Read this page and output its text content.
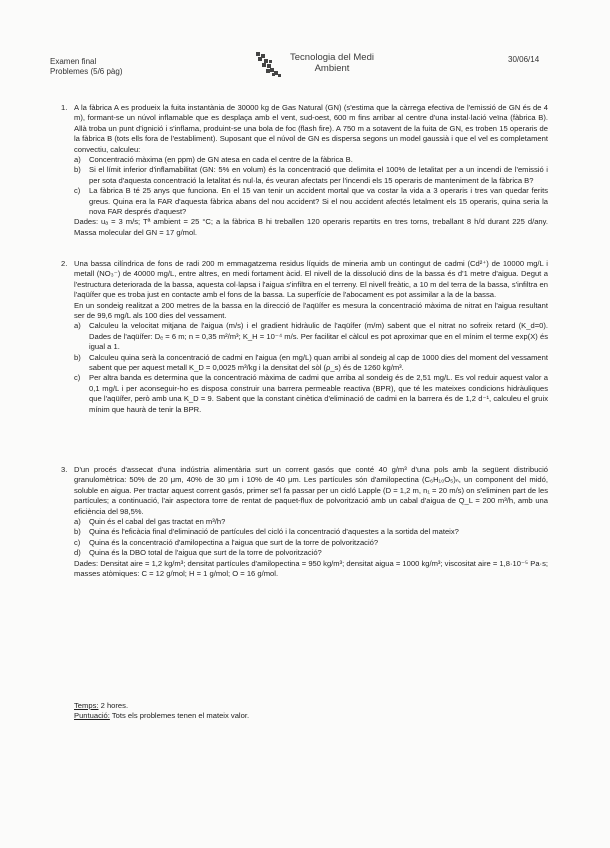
Examen final
Problemes (5/6 pàg)
Tecnologia del Medi
Ambient
30/06/14
1. A la fàbrica A es produeix la fuita instantània de 30000 kg de Gas Natural (GN) (s'estima que la càrrega efectiva de l'emissió de GN és de 4 m), formant-se un núvol inflamable que es desplaça amb el vent, sud-oest, 600 m fins arribar al centre d'una instal·lació veïna (fàbrica B). Allà troba un punt d'ignició i s'inflama, produint-se una bola de foc (flash fire). A 750 m a sotavent de la fuita de GN, es troben 15 operaris de la fàbrica B (tots ells fora de l'establiment). Suposant que el núvol de GN es dispersa segons un model gaussià i que el vel es completament convectiu, calculeu:

a) Concentració màxima (en ppm) de GN atesa en cada el centre de la fàbrica B.
b) Si el límit inferior d'inflamabilitat (GN: 5% en volum) és la concentració que delimita el 100% de letalitat per a un incendi de l'emissió i per sota d'aquesta concentració la letalitat és nul·la, és veuran afectats per l'incendi els 15 operaris de manteniment de la fàbrica B?
c) La fàbrica B té 25 anys que funciona. En el 15 van tenir un accident mortal que va costar la vida a 3 operaris i tres van quedar ferits greus. Quina era la FAR d'aquesta fàbrica abans del nou accident? Si el nou accident afectés letalment els 15 operaris, quina seria la nova FAR després d'aquest?

Dades: uₐ = 3 m/s; Tª ambient = 25 °C; a la fàbrica B hi treballen 120 operaris repartits en tres torns, treballant 8 h/d durant 225 d/any. Massa molecular del GN = 17 g/mol.

2. Una bassa cilíndrica de fons de radi 200 m emmagatzema residus líquids de mineria amb un contingut de cadmi (Cd²⁺) de 10000 mg/L i metall (NO₃⁻) de 40000 mg/L, entre altres, en medi fortament àcid. El nivell de la dissolució dins de la bassa és d'1 metre d'aigua. Degut a l'estructura deteriorada de la bassa, aquesta col·lapsa i l'aigua s'infiltra en el terreny. El nivell freàtic, a 10 m del terra de la bassa, s'infiltra en l'aqüífer que es troba just en contacte amb el fons de la bassa. La superfície de l'abocament es pot assimilar a la de la bassa.

En un sondeig realitzat a 200 metres de la bassa en la direcció de l'aqüífer es mesura la concentració màxima de nitrat en l'aigua resultant ser de 99,6 mg/L als 100 dies del vessament.

a) Calculeu la velocitat mitjana de l'aigua (m/s) i el gradient hidràulic de l'aqüífer (m/m) sabent que el nitrat no sofreix retard (K_d=0). Dades de l'aqüífer: Dₑ = 6 m; n = 0,35 m²/m³; K_H = 10⁻⁴ m/s. Per facilitar el càlcul es pot aproximar que en el mínim el terme exp(X) és igual a 1.
b) Calculeu quina serà la concentració de cadmi en l'aigua (en mg/L) quan arribi al sondeig al cap de 1000 dies del moment del vessament sabent que per aquest metall K_D = 0,0025 m³/kg i la densitat del sòl (ρ_s) és de 1260 kg/m³.
c) Per altra banda es determina que la concentració màxima de cadmi que arriba al sondeig és de 2,51 mg/L. Es vol reduir aquest valor a 0,1 mg/L i per aconseguir-ho es disposa construir una barrera permeable reactiva (BPR), que té les mateixes condicions hidràuliques que l'aqüífer, però amb una K_D = 9. Sabent que la constant cinètica d'eliminació de cadmi en la barrera és de 1,2 d⁻¹, calculeu el gruix mínim que haurà de tenir la BPR.
3. D'un procés d'assecat d'una indústria alimentària surt un corrent gasós que conté 40 g/m³ d'una pols amb la següent distribució granulomètrica: 50% de 20 μm, 40% de 30 μm i 10% de 40 μm. Les partícules són d'amilopectina (C₆H₁₀O₅)ₙ, un component del midó, soluble en aigua. Per tractar aquest corrent gasós, primer se'l fa passar per un cicló Lapple (D = 1,2 m, n₁ = 20 m/s) on s'eliminen part de les partícules; a continuació, l'air aspectora torre de rentat de paquet-flux de polvorització amb un cabal d'aigua de Q_L = 200 m³/h, amb una eficiència del 98,5%.

a) Quin és el cabal del gas tractat en m³/h?
b) Quina és l'eficàcia final d'eliminació de partícules del cicló i la concentració d'aquestes a la sortida del mateix?
c) Quina és la concentració d'amilopectina a l'aigua que surt de la torre de polvorització?
d) Quina és la DBO total de l'aigua que surt de la torre de polvorització?

Dades: Densitat aire = 1,2 kg/m³; densitat partícules d'amilopectina = 950 kg/m³; densitat aigua = 1000 kg/m³; viscositat aire = 1,8·10⁻⁵ Pa·s; masses atòmiques: C = 12 g/mol; H = 1 g/mol; O = 16 g/mol.

Temps: 2 hores.
Puntuació: Tots els problemes tenen el mateix valor.
